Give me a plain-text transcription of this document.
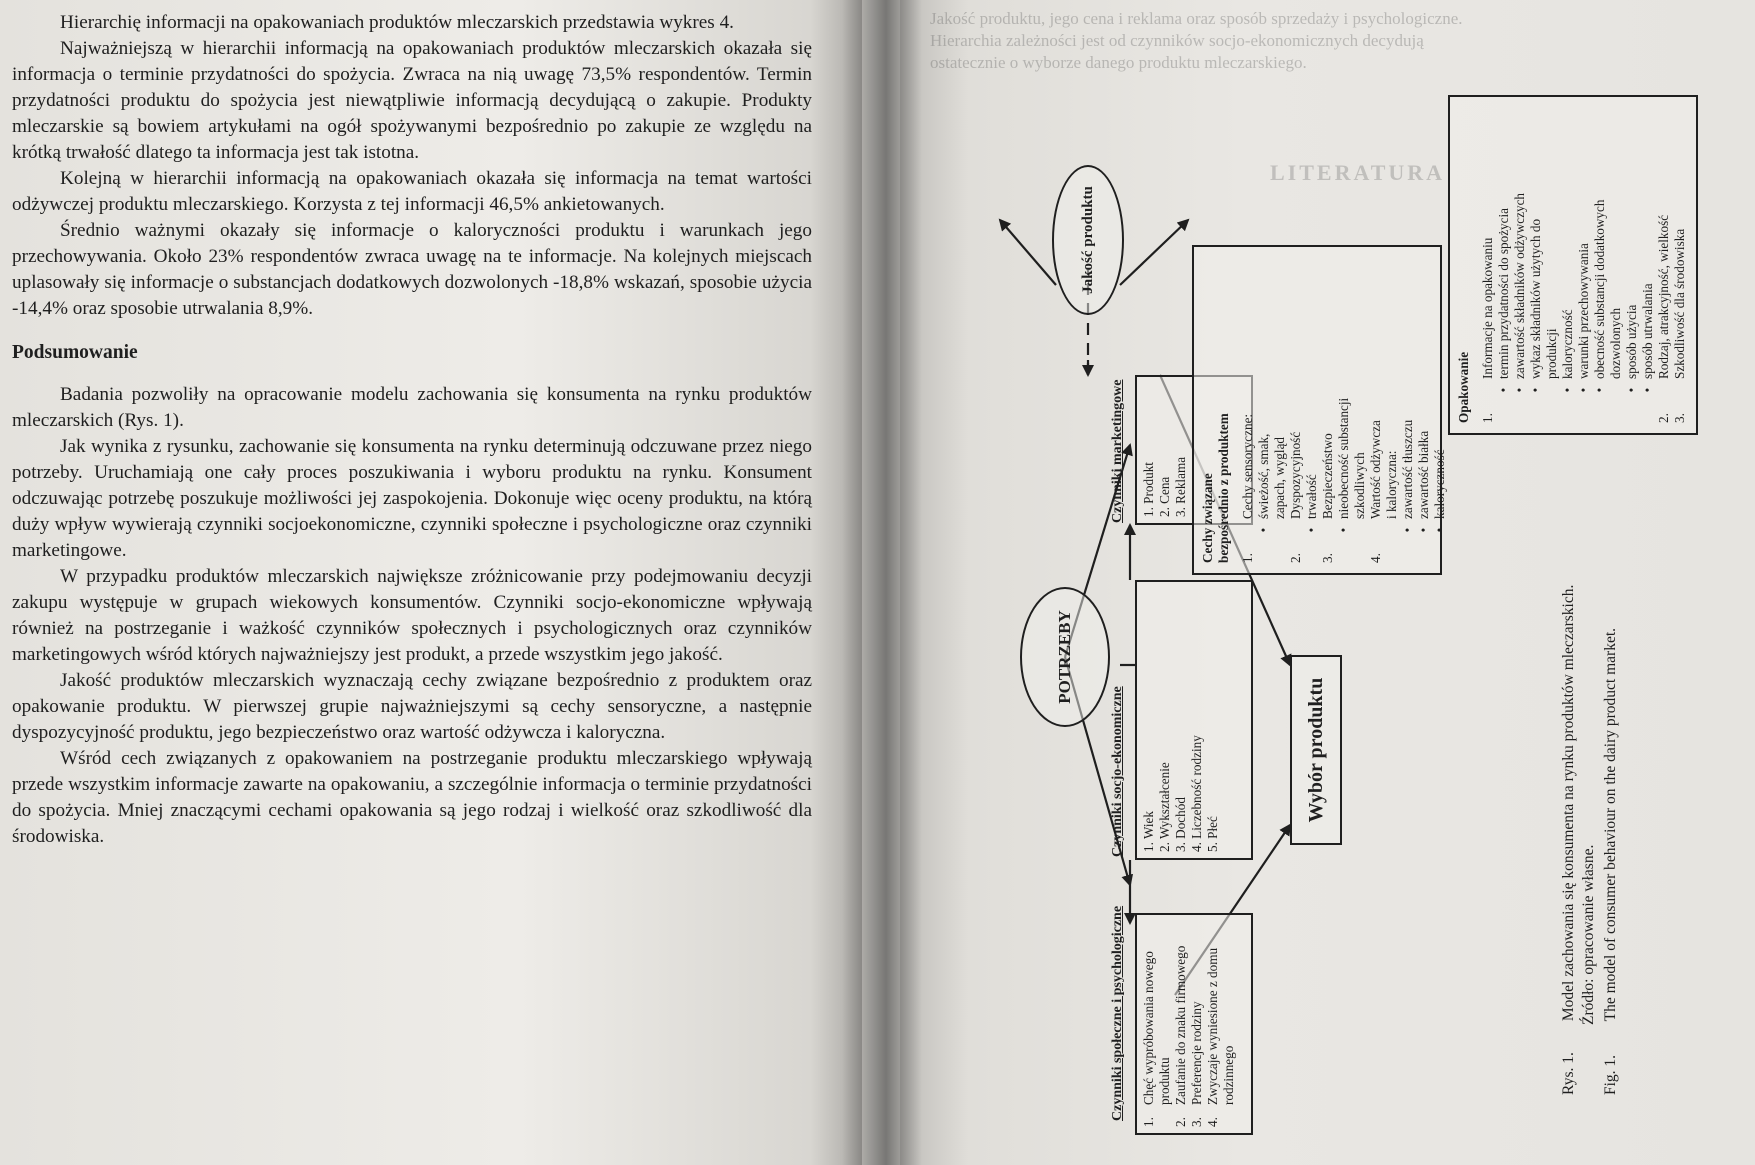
Hierarchię informacji na opakowaniach produktów mleczarskich przedstawia wykres 4.

Najważniejszą w hierarchii informacją na opakowaniach produktów mleczarskich okazała się informacja o terminie przydatności do spożycia. Zwraca na nią uwagę 73,5% respondentów. Termin przydatności produktu do spożycia jest niewątpliwie informacją decydującą o zakupie. Produkty mleczarskie są bowiem artykułami na ogół spożywanymi bezpośrednio po zakupie ze względu na krótką trwałość dlatego ta informacja jest tak istotna.

Kolejną w hierarchii informacją na opakowaniach okazała się informacja na temat wartości odżywczej produktu mleczarskiego. Korzysta z tej informacji 46,5% ankietowanych.

Średnio ważnymi okazały się informacje o kaloryczności produktu i warunkach jego przechowywania. Około 23% respondentów zwraca uwagę na te informacje. Na kolejnych miejscach uplasowały się informacje o substancjach dodatkowych dozwolonych -18,8% wskazań, sposobie użycia -14,4% oraz sposobie utrwalania 8,9%.

Podsumowanie

Badania pozwoliły na opracowanie modelu zachowania się konsumenta na rynku produktów mleczarskich (Rys. 1).

Jak wynika z rysunku, zachowanie się konsumenta na rynku determinują odczuwane przez niego potrzeby. Uruchamiają one cały proces poszukiwania i wyboru produktu na rynku. Konsument odczuwając potrzebę poszukuje możliwości jej zaspokojenia. Dokonuje więc oceny produktu, na którą duży wpływ wywierają czynniki socjoekonomiczne, czynniki społeczne i psychologiczne oraz czynniki marketingowe.

W przypadku produktów mleczarskich największe zróżnicowanie przy podejmowaniu decyzji zakupu występuje w grupach wiekowych konsumentów. Czynniki socjo-ekonomiczne wpływają również na postrzeganie i ważkość czynników społecznych i psychologicznych oraz czynników marketingowych wśród których najważniejszy jest produkt, a przede wszystkim jego jakość.

Jakość produktów mleczarskich wyznaczają cechy związane bezpośrednio z produktem oraz opakowanie produktu. W pierwszej grupie najważniejszymi są cechy sensoryczne, a następnie dyspozycyjność produktu, jego bezpieczeństwo oraz wartość odżywcza i kaloryczna.

Wśród cech związanych z opakowaniem na postrzeganie produktu mleczarskiego wpływają przede wszystkim informacje zawarte na opakowaniu, a szczególnie informacja o terminie przydatności do spożycia. Mniej znaczącymi cechami opakowania są jego rodzaj i wielkość oraz szkodliwość dla środowiska.

Jakość produktu, jego cena i reklama oraz sposób sprzedaży i psychologiczne.
Hierarchia zależności jest od czynników socjo-ekonomicznych decydują
ostatecznie o wyborze danego produktu mleczarskiego.
LITERATURA
POTRZEBY
Czynniki społeczne i psychologiczne
1.
Chęć wypróbowania nowego produktu
2.
Zaufanie do znaku firmowego
3.
Preferencje rodziny
4.
Zwyczaje wyniesione z domu rodzinnego
Czynniki socjo-ekonomiczne 1. Wiek 2. Wykształcenie 3. Dochód 4. Liczebność rodziny 5. Płeć
Czynniki marketingowe 1. Produkt 2. Cena 3. Reklama
Wybór produktu
Jakość produktu
Cechy związane bezpośrednio z produktem 1.
Cechy sensoryczne:
•
świeżość, smak, zapach, wygląd
2.
Dyspozycyjność
•
trwałość
3.
Bezpieczeństwo
•
nieobecność substancji szkodliwych
4.
Wartość odżywcza i kaloryczna:
•
zawartość tłuszczu
•
zawartość białka
•
kaloryczność
Opakowanie 1.
Informacje na opakowaniu
•
termin przydatności do spożycia
•
zawartość składników odżywczych
•
wykaz składników użytych do produkcji
•
kaloryczność
•
warunki przechowywania
•
obecność substancji dodatkowych dozwolonych
•
sposób użycia
•
sposób utrwalania
2.
Rodzaj, atrakcyjność, wielkość
3.
Szkodliwość dla środowiska
Rys. 1. Model zachowania się konsumenta na rynku produktów mleczarskich. Źródło: opracowanie własne.
Fig. 1. The model of consumer behaviour on the dairy product market.
